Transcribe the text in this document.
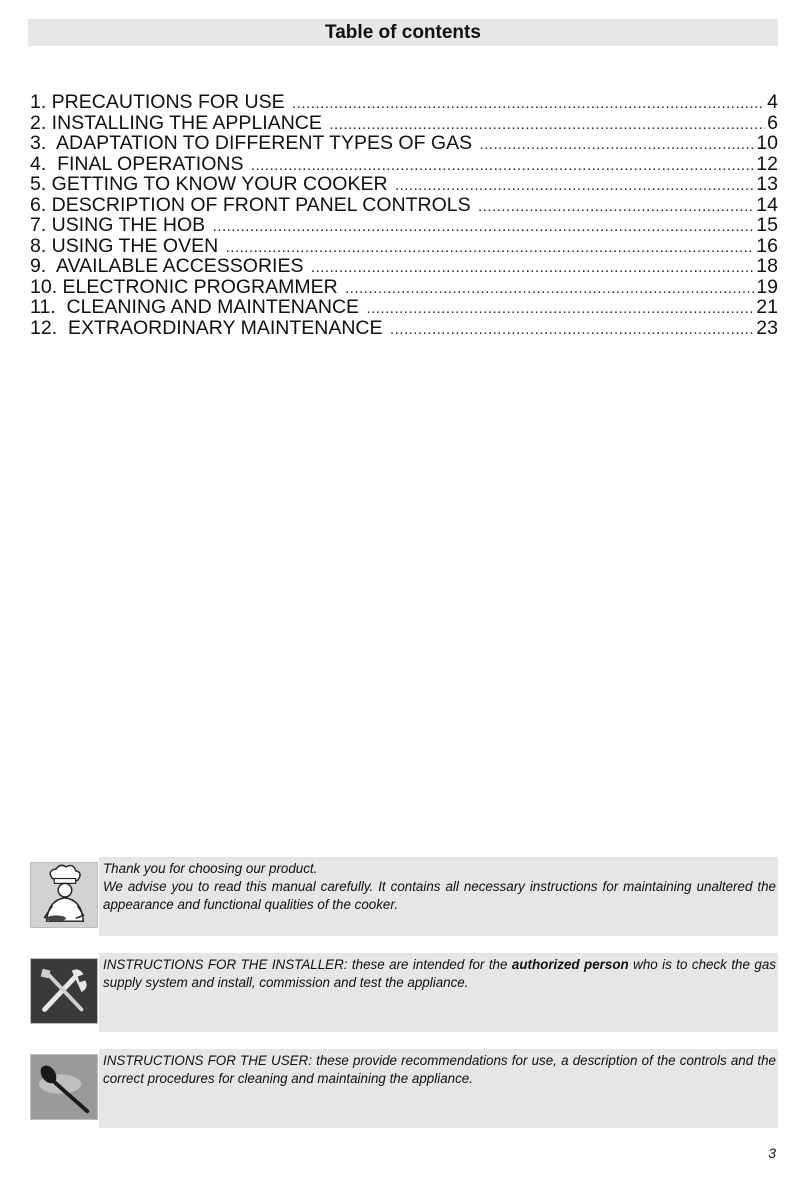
Table of contents
1. PRECAUTIONS FOR USE .....	4
2. INSTALLING THE APPLIANCE .....	6
3.  ADAPTATION TO DIFFERENT TYPES OF GAS .....	10
4.  FINAL OPERATIONS .....	12
5. GETTING TO KNOW YOUR COOKER .....	13
6. DESCRIPTION OF FRONT PANEL CONTROLS .....	14
7. USING THE HOB .....	15
8. USING THE OVEN .....	16
9.  AVAILABLE ACCESSORIES .....	18
10. ELECTRONIC PROGRAMMER .....	19
11.  CLEANING AND MAINTENANCE .....	21
12.  EXTRAORDINARY MAINTENANCE .....	23

Thank you for choosing our product.

We advise you to read this manual carefully. It contains all necessary instructions for maintaining unaltered the appearance and functional qualities of the cooker.

INSTRUCTIONS FOR THE INSTALLER: these are intended for the authorized person who is to check the gas supply system and install, commission and test the appliance.

INSTRUCTIONS FOR THE USER: these provide recommendations for use, a description of the controls and the correct procedures for cleaning and maintaining the appliance.

3
